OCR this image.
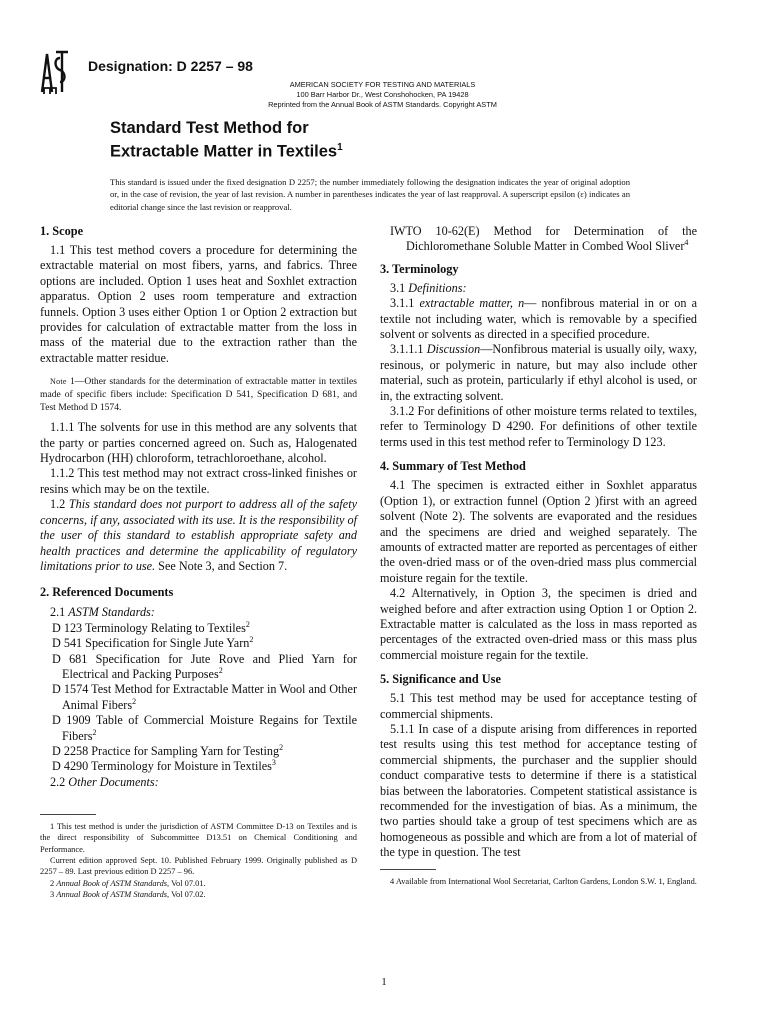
Designation: D 2257 – 98
AMERICAN SOCIETY FOR TESTING AND MATERIALS
100 Barr Harbor Dr., West Conshohocken, PA 19428
Reprinted from the Annual Book of ASTM Standards. Copyright ASTM
Standard Test Method for
Extractable Matter in Textiles$^1$
This standard is issued under the fixed designation D 2257; the number immediately following the designation indicates the year of original adoption or, in the case of revision, the year of last revision. A number in parentheses indicates the year of last reapproval. A superscript epsilon (ε) indicates an editorial change since the last revision or reapproval.
1. Scope

1.1 This test method covers a procedure for determining the extractable material on most fibers, yarns, and fabrics. Three options are included. Option 1 uses heat and Soxhlet extraction apparatus. Option 2 uses room temperature and extraction funnels. Option 3 uses either Option 1 or Option 2 extraction but provides for calculation of extractable matter from the loss in mass of the material due to the extraction rather than the extractable matter residue.

Note 1—Other standards for the determination of extractable matter in textiles made of specific fibers include: Specification D 541, Specification D 681, and Test Method D 1574.

1.1.1 The solvents for use in this method are any solvents that the party or parties concerned agreed on. Such as, Halogenated Hydrocarbon (HH) chloroform, tetrachloroethane, alcohol.

1.1.2 This test method may not extract cross-linked finishes or resins which may be on the textile.

1.2 This standard does not purport to address all of the safety concerns, if any, associated with its use. It is the responsibility of the user of this standard to establish appropriate safety and health practices and determine the applicability of regulatory limitations prior to use. See Note 3, and Section 7.

2. Referenced Documents

2.1 ASTM Standards:

D 123 Terminology Relating to Textiles$^2$

D 541 Specification for Single Jute Yarn$^2$

D 681 Specification for Jute Rove and Plied Yarn for Electrical and Packing Purposes$^2$

D 1574 Test Method for Extractable Matter in Wool and Other Animal Fibers$^2$

D 1909 Table of Commercial Moisture Regains for Textile Fibers$^2$

D 2258 Practice for Sampling Yarn for Testing$^2$

D 4290 Terminology for Moisture in Textiles$^3$

2.2 Other Documents:

1 This test method is under the jurisdiction of ASTM Committee D-13 on Textiles and is the direct responsibility of Subcommittee D13.51 on Chemical Conditioning and Performance.

Current edition approved Sept. 10. Published February 1999. Originally published as D 2257 – 89. Last previous edition D 2257 – 96.

2 Annual Book of ASTM Standards, Vol 07.01.

3 Annual Book of ASTM Standards, Vol 07.02.

IWTO 10-62(E) Method for Determination of the Dichloromethane Soluble Matter in Combed Wool Sliver$^4$

3. Terminology

3.1 Definitions:

3.1.1 extractable matter, n— nonfibrous material in or on a textile not including water, which is removable by a specified solvent or solvents as directed in a specified procedure.

3.1.1.1 Discussion—Nonfibrous material is usually oily, waxy, resinous, or polymeric in nature, but may also include other material, such as protein, particularly if ethyl alcohol is used, or in, the extracting solvent.

3.1.2 For definitions of other moisture terms related to textiles, refer to Terminology D 4290. For definitions of other textile terms used in this test method refer to Terminology D 123.

4. Summary of Test Method

4.1 The specimen is extracted either in Soxhlet apparatus (Option 1), or extraction funnel (Option 2 )first with an agreed solvent (Note 2). The solvents are evaporated and the residues and the specimens are dried and weighed separately. The amounts of extracted matter are reported as percentages of either the oven-dried mass or of the oven-dried mass plus commercial moisture regain for the textile.

4.2 Alternatively, in Option 3, the specimen is dried and weighed before and after extraction using Option 1 or Option 2. Extractable matter is calculated as the loss in mass reported as percentages of the extracted oven-dried mass or this mass plus commercial moisture regain for the textile.

5. Significance and Use

5.1 This test method may be used for acceptance testing of commercial shipments.

5.1.1 In case of a dispute arising from differences in reported test results using this test method for acceptance testing of commercial shipments, the purchaser and the supplier should conduct comparative tests to determine if there is a statistical bias between the laboratories. Competent statistical assistance is recommended for the investigation of bias. As a minimum, the two parties should take a group of test specimens which are as homogeneous as possible and which are from a lot of material of the type in question. The test

4 Available from International Wool Secretariat, Carlton Gardens, London S.W. 1, England.

1
